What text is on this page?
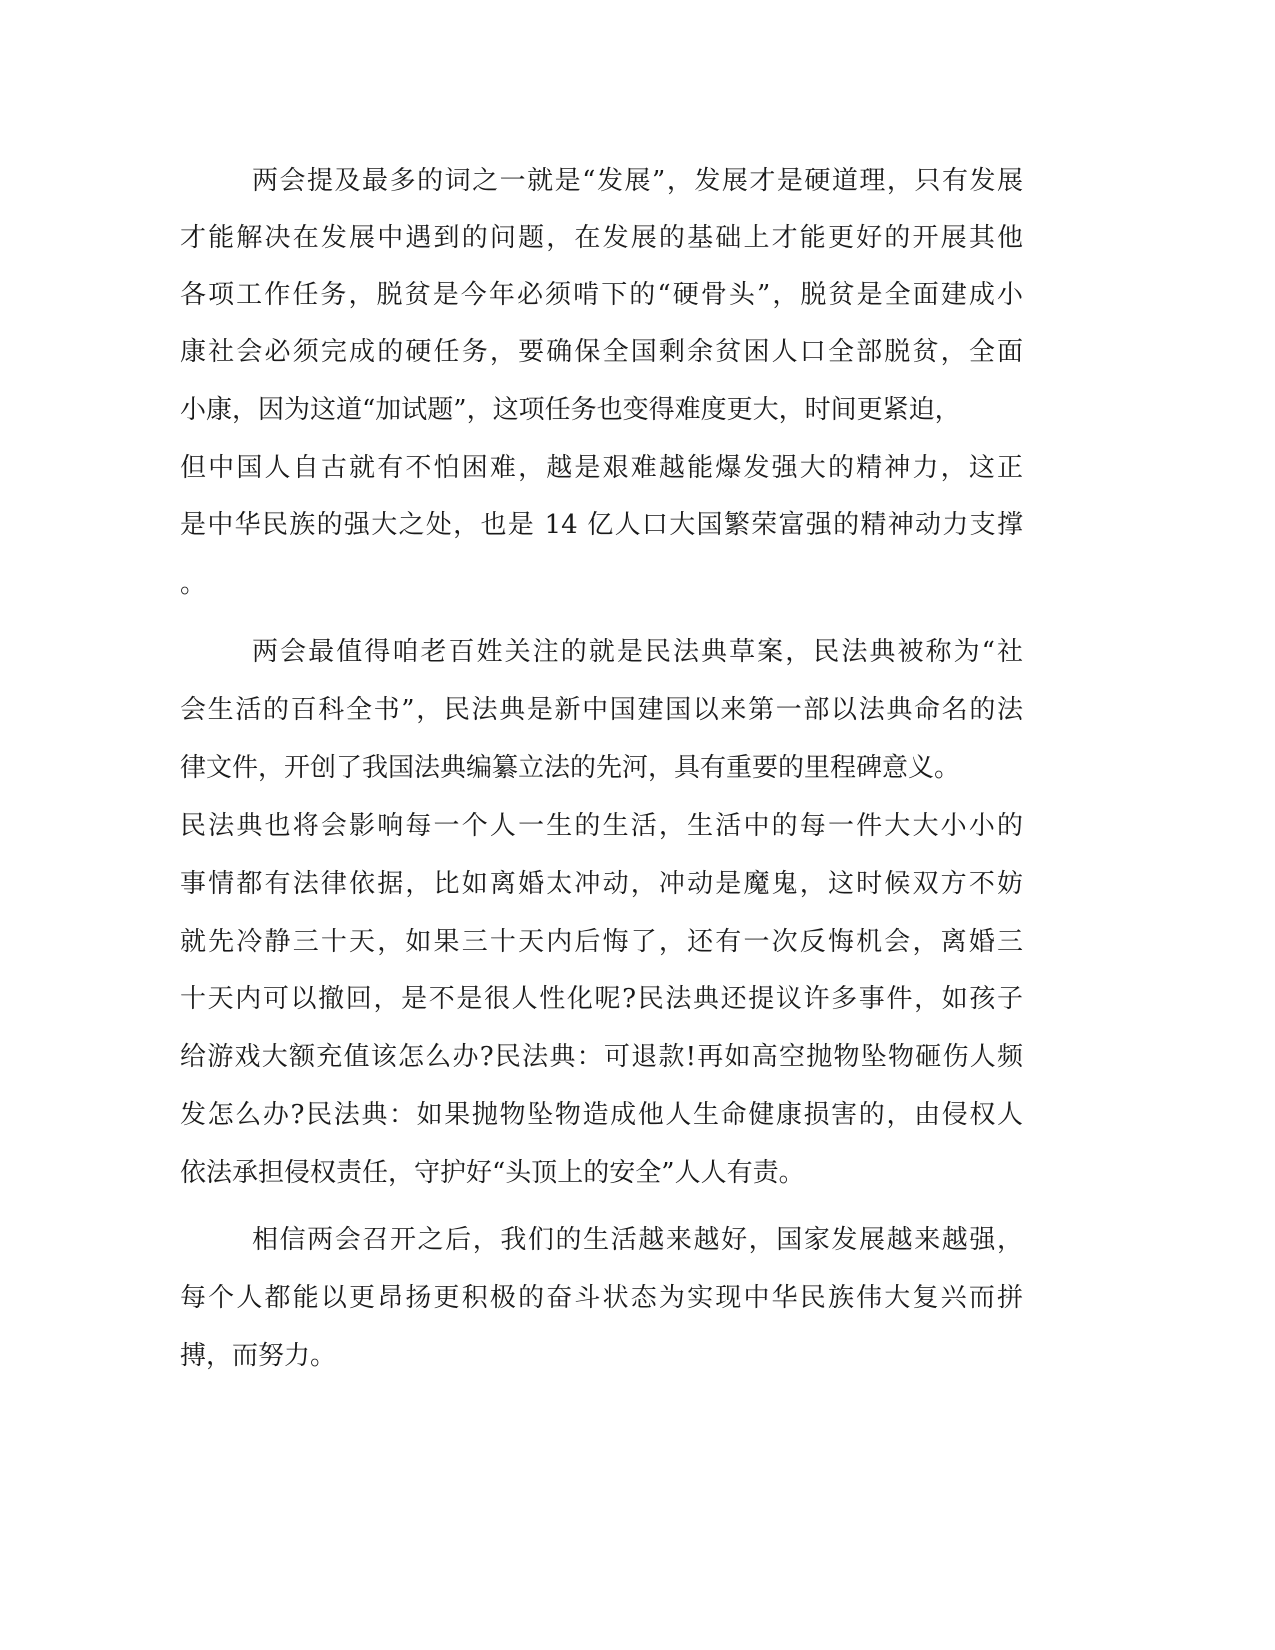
两会提及最多的词之一就是“发展”，发展才是硬道理，只有发展
才能解决在发展中遇到的问题，在发展的基础上才能更好的开展其他
各项工作任务，脱贫是今年必须啃下的“硬骨头”，脱贫是全面建成小
康社会必须完成的硬任务，要确保全国剩余贫困人口全部脱贫，全面
小康，因为这道“加试题”，这项任务也变得难度更大，时间更紧迫，
但中国人自古就有不怕困难，越是艰难越能爆发强大的精神力，这正
是中华民族的强大之处，也是 14 亿人口大国繁荣富强的精神动力支撑
。
两会最值得咱老百姓关注的就是民法典草案，民法典被称为“社
会生活的百科全书”，民法典是新中国建国以来第一部以法典命名的法
律文件，开创了我国法典编纂立法的先河，具有重要的里程碑意义。
民法典也将会影响每一个人一生的生活，生活中的每一件大大小小的
事情都有法律依据，比如离婚太冲动，冲动是魔鬼，这时候双方不妨
就先冷静三十天，如果三十天内后悔了，还有一次反悔机会，离婚三
十天内可以撤回，是不是很人性化呢?民法典还提议许多事件，如孩子
给游戏大额充值该怎么办?民法典：可退款!再如高空抛物坠物砸伤人频
发怎么办?民法典：如果抛物坠物造成他人生命健康损害的，由侵权人
依法承担侵权责任，守护好“头顶上的安全”人人有责。
相信两会召开之后，我们的生活越来越好，国家发展越来越强，
每个人都能以更昂扬更积极的奋斗状态为实现中华民族伟大复兴而拼
搏，而努力。
